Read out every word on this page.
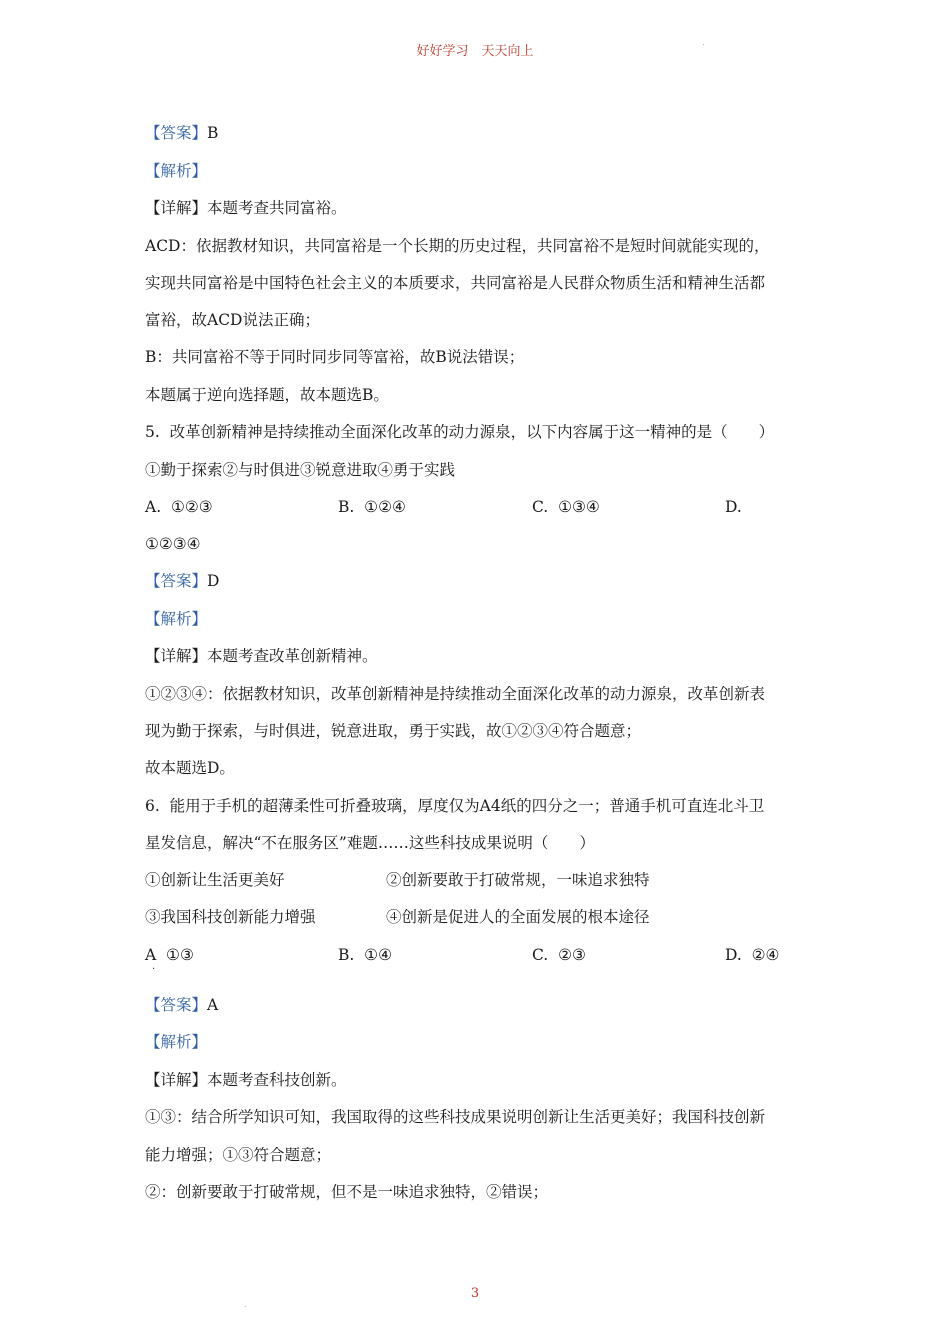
好好学习　天天向上
.
【答案】B
【解析】
【详解】本题考查共同富裕。
ACD：依据教材知识，共同富裕是一个长期的历史过程，共同富裕不是短时间就能实现的，
实现共同富裕是中国特色社会主义的本质要求，共同富裕是人民群众物质生活和精神生活都
富裕，故ACD说法正确；
B：共同富裕不等于同时同步同等富裕，故B说法错误；
本题属于逆向选择题，故本题选B。
5.  改革创新精神是持续推动全面深化改革的动力源泉，以下内容属于这一精神的是（　　）
①勤于探索②与时俱进③锐意进取④勇于实践
A.  ①②③	B.  ①②④	C.  ①③④	D.
①②③④
【答案】D
【解析】
【详解】本题考查改革创新精神。
①②③④：依据教材知识，改革创新精神是持续推动全面深化改革的动力源泉，改革创新表
现为勤于探索，与时俱进，锐意进取，勇于实践，故①②③④符合题意；
故本题选D。
6.  能用于手机的超薄柔性可折叠玻璃，厚度仅为A4纸的四分之一；普通手机可直连北斗卫
星发信息，解决“不在服务区”难题……这些科技成果说明（　　）
①创新让生活更美好	②创新要敢于打破常规，一味追求独特
③我国科技创新能力增强	④创新是促进人的全面发展的根本途径
A  ①③
·
B.  ①④	C.  ②③	D.  ②④
【答案】A
【解析】
【详解】本题考查科技创新。
①③：结合所学知识可知，我国取得的这些科技成果说明创新让生活更美好；我国科技创新
能力增强；①③符合题意；
②：创新要敢于打破常规，但不是一味追求独特，②错误；
3
.
